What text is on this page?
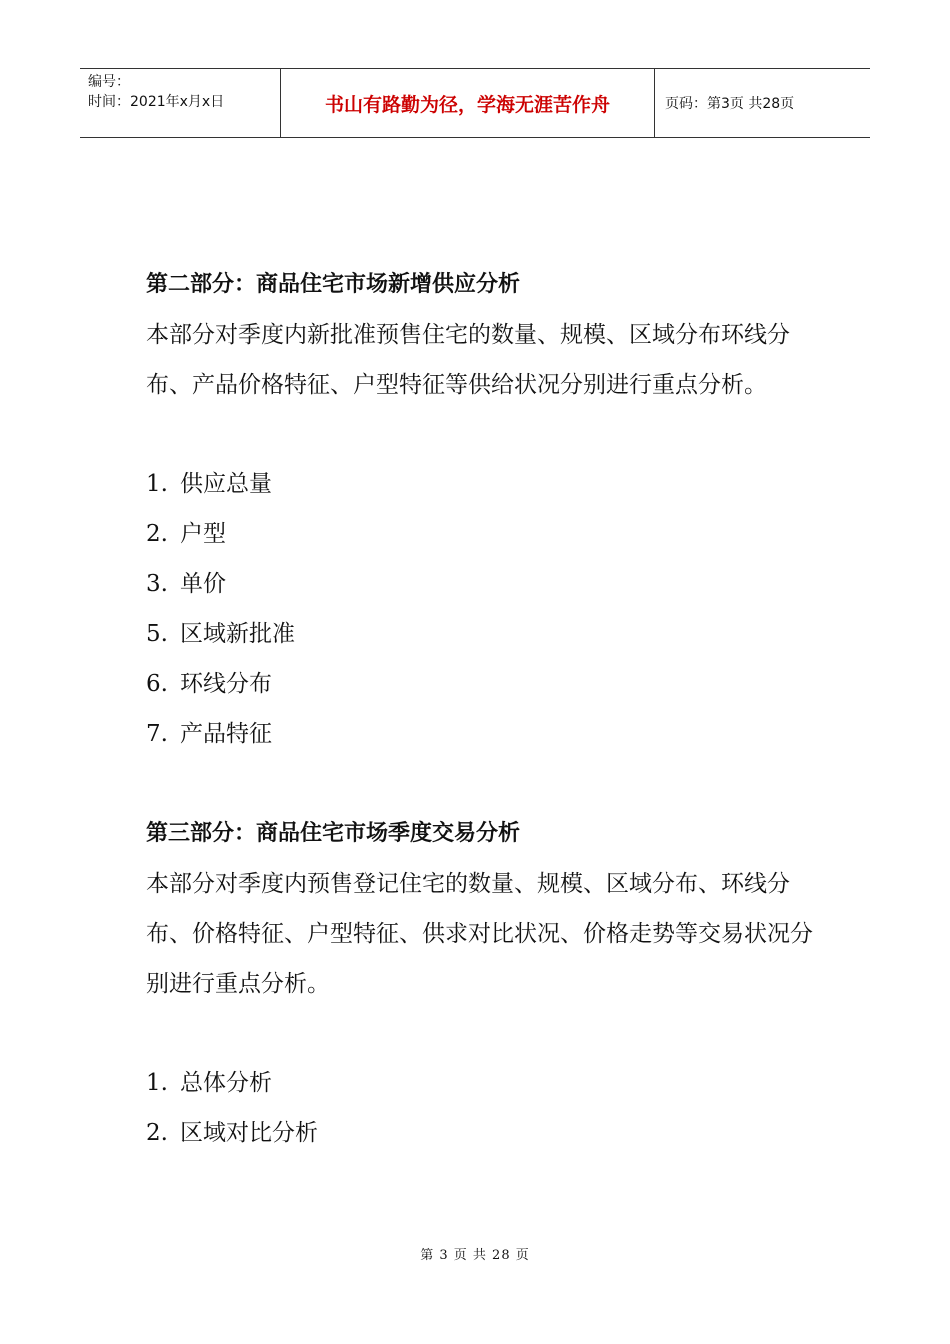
编号：
时间：2021年x月x日	书山有路勤为径，学海无涯苦作舟	页码：第3页 共28页
第二部分：商品住宅市场新增供应分析

本部分对季度内新批准预售住宅的数量、规模、区域分布环线分布、产品价格特征、户型特征等供给状况分别进行重点分析。

1. 供应总量
2. 户型
3. 单价
5. 区域新批准
6. 环线分布
7. 产品特征
第三部分：商品住宅市场季度交易分析

本部分对季度内预售登记住宅的数量、规模、区域分布、环线分布、价格特征、户型特征、供求对比状况、价格走势等交易状况分别进行重点分析。

1. 总体分析
2. 区域对比分析
第 3 页 共 28 页
